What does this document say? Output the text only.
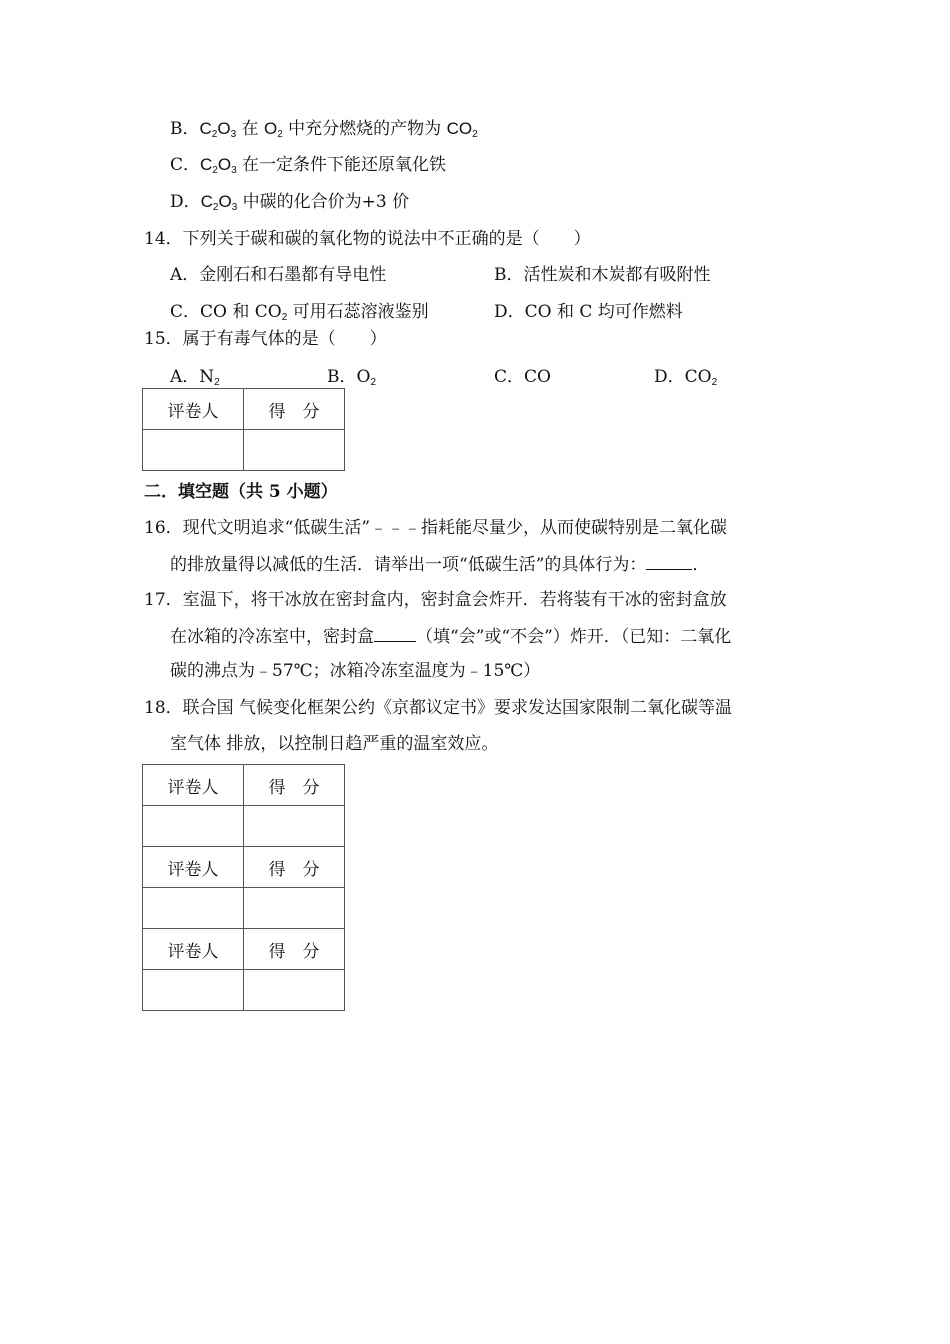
B．$C_2O_3$ 在 $O_2$ 中充分燃烧的产物为 $CO_2$
C．$C_2O_3$ 在一定条件下能还原氧化铁
D．$C_2O_3$ 中碳的化合价为+3 价
14．下列关于碳和碳的氧化物的说法中不正确的是（　　）
A．金刚石和石墨都有导电性	B．活性炭和木炭都有吸附性
C．CO 和 $CO_2$ 可用石蕊溶液鉴别	D．CO 和 C 均可作燃料
15．属于有毒气体的是（　　）
A．$N_2$	B．$O_2$	C．CO	D．$CO_2$
评卷人	得　分

二．填空题（共 5 小题）
16．现代文明追求“低碳生活”﹣﹣﹣指耗能尽量少，从而使碳特别是二氧化碳
的排放量得以减低的生活．请举出一项“低碳生活”的具体行为：	．
17．室温下，将干冰放在密封盒内，密封盒会炸开．若将装有干冰的密封盒放
在冰箱的冷冻室中，密封盒 （填“会”或“不会”）炸开．（已知：二氧化
碳的沸点为﹣57℃；冰箱冷冻室温度为﹣15℃）
18．联合国 气候变化框架公约《京都议定书》要求发达国家限制二氧化碳等温
室气体 排放，以控制日趋严重的温室效应。
评卷人	得　分

评卷人	得　分

评卷人	得　分
